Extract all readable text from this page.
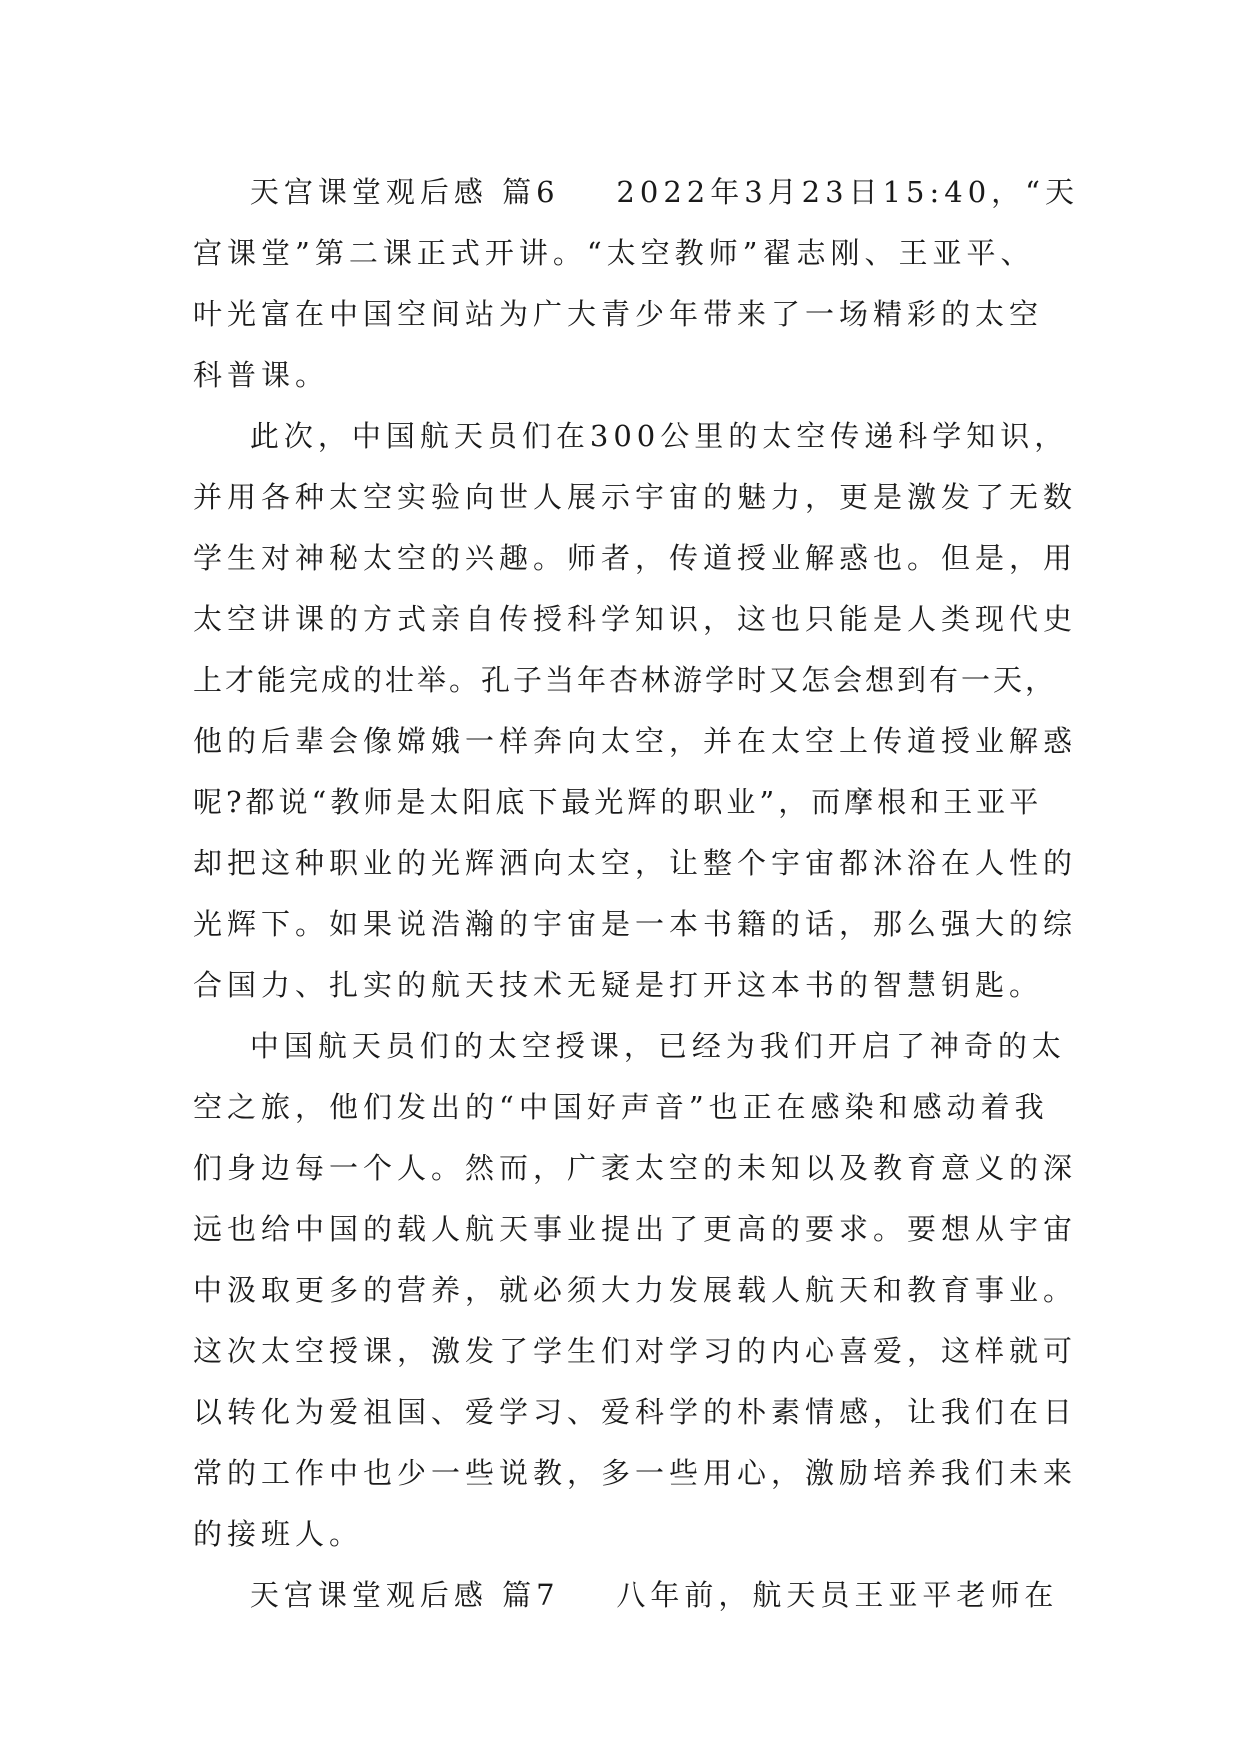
天宫课堂观后感 篇6    2022年3月23日15:40，“天
宫课堂”第二课正式开讲。“太空教师”翟志刚、王亚平、
叶光富在中国空间站为广大青少年带来了一场精彩的太空
科普课。
此次，中国航天员们在300公里的太空传递科学知识，
并用各种太空实验向世人展示宇宙的魅力，更是激发了无数
学生对神秘太空的兴趣。师者，传道授业解惑也。但是，用
太空讲课的方式亲自传授科学知识，这也只能是人类现代史
上才能完成的壮举。孔子当年杏林游学时又怎会想到有一天，
他的后辈会像嫦娥一样奔向太空，并在太空上传道授业解惑
呢?都说“教师是太阳底下最光辉的职业”，而摩根和王亚平
却把这种职业的光辉洒向太空，让整个宇宙都沐浴在人性的
光辉下。如果说浩瀚的宇宙是一本书籍的话，那么强大的综
合国力、扎实的航天技术无疑是打开这本书的智慧钥匙。
中国航天员们的太空授课，已经为我们开启了神奇的太
空之旅，他们发出的“中国好声音”也正在感染和感动着我
们身边每一个人。然而，广袤太空的未知以及教育意义的深
远也给中国的载人航天事业提出了更高的要求。要想从宇宙
中汲取更多的营养，就必须大力发展载人航天和教育事业。
这次太空授课，激发了学生们对学习的内心喜爱，这样就可
以转化为爱祖国、爱学习、爱科学的朴素情感，让我们在日
常的工作中也少一些说教，多一些用心，激励培养我们未来
的接班人。
天宫课堂观后感 篇7    八年前，航天员王亚平老师在
